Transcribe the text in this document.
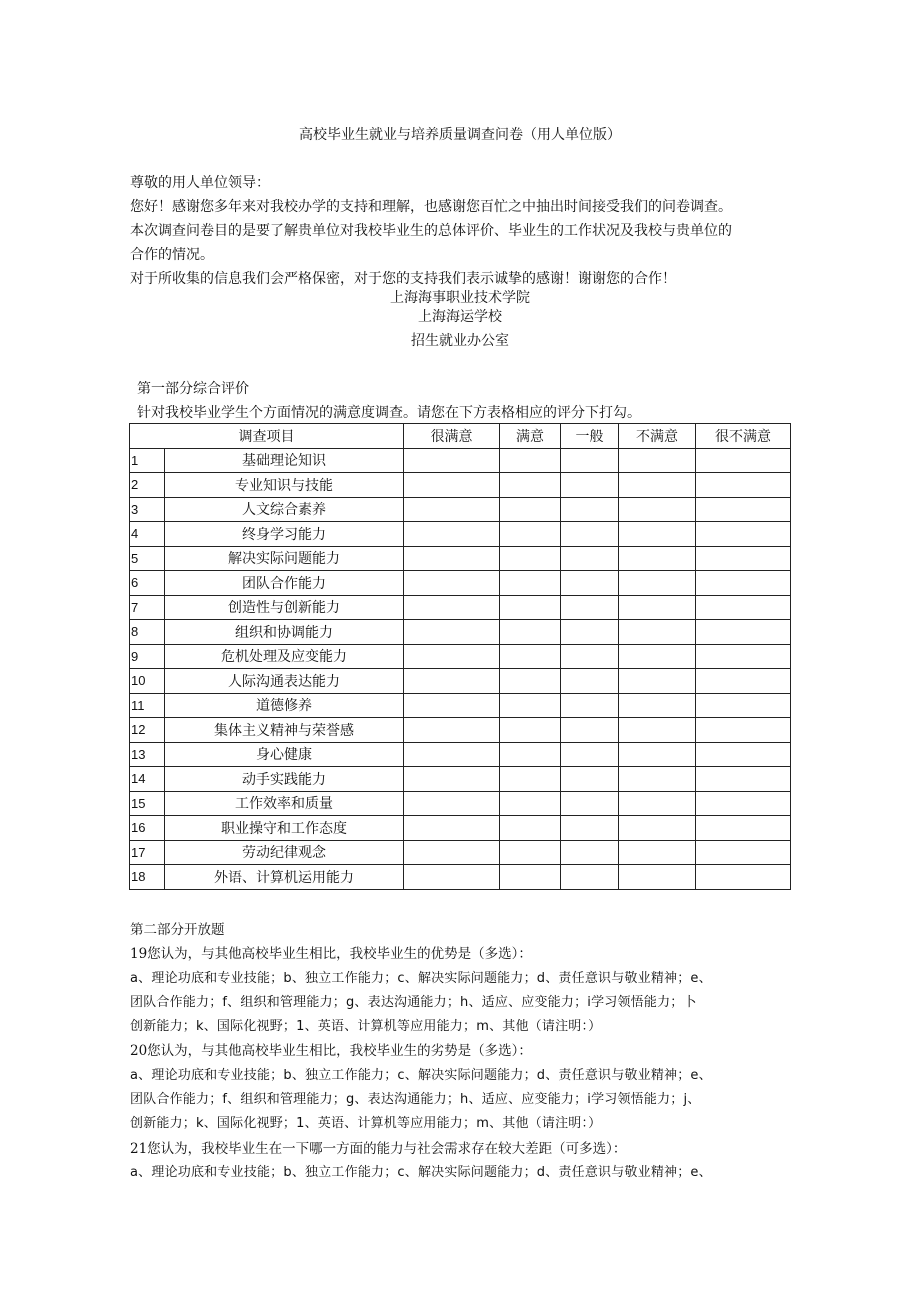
高校毕业生就业与培养质量调查问卷（用人单位版）

尊敬的用人单位领导：

您好！感谢您多年来对我校办学的支持和理解，也感谢您百忙之中抽出时间接受我们的问卷调查。

本次调查问卷目的是要了解贵单位对我校毕业生的总体评价、毕业生的工作状况及我校与贵单位的

合作的情况。

对于所收集的信息我们会严格保密，对于您的支持我们表示诚挚的感谢！谢谢您的合作！

上海海事职业技术学院
上海海运学校
招生就业办公室
第一部分综合评价
针对我校毕业学生个方面情况的满意度调查。请您在下方表格相应的评分下打勾。
调查项目		很满意	满意	一般	不满意	很不满意
1	基础理论知识					
2	专业知识与技能					
3	人文综合素养					
4	终身学习能力					
5	解决实际问题能力					
6	团队合作能力					
7	创造性与创新能力					
8	组织和协调能力					
9	危机处理及应变能力					
10	人际沟通表达能力					
11	道德修养					
12	集体主义精神与荣誉感					
13	身心健康					
14	动手实践能力					
15	工作效率和质量					
16	职业操守和工作态度					
17	劳动纪律观念					
18	外语、计算机运用能力					

第二部分开放题

19您认为，与其他高校毕业生相比，我校毕业生的优势是（多选）：

a、理论功底和专业技能；b、独立工作能力；c、解决实际问题能力；d、责任意识与敬业精神；e、

团队合作能力；f、组织和管理能力；g、表达沟通能力；h、适应、应变能力；i学习领悟能力；卜

创新能力；k、国际化视野；1、英语、计算机等应用能力；m、其他（请注明：）

20您认为，与其他高校毕业生相比，我校毕业生的劣势是（多选）：

a、理论功底和专业技能；b、独立工作能力；c、解决实际问题能力；d、责任意识与敬业精神；e、

团队合作能力；f、组织和管理能力；g、表达沟通能力；h、适应、应变能力；i学习领悟能力；j、

创新能力；k、国际化视野；1、英语、计算机等应用能力；m、其他（请注明：）

21您认为，我校毕业生在一下哪一方面的能力与社会需求存在较大差距（可多选）：

a、理论功底和专业技能；b、独立工作能力；c、解决实际问题能力；d、责任意识与敬业精神；e、
